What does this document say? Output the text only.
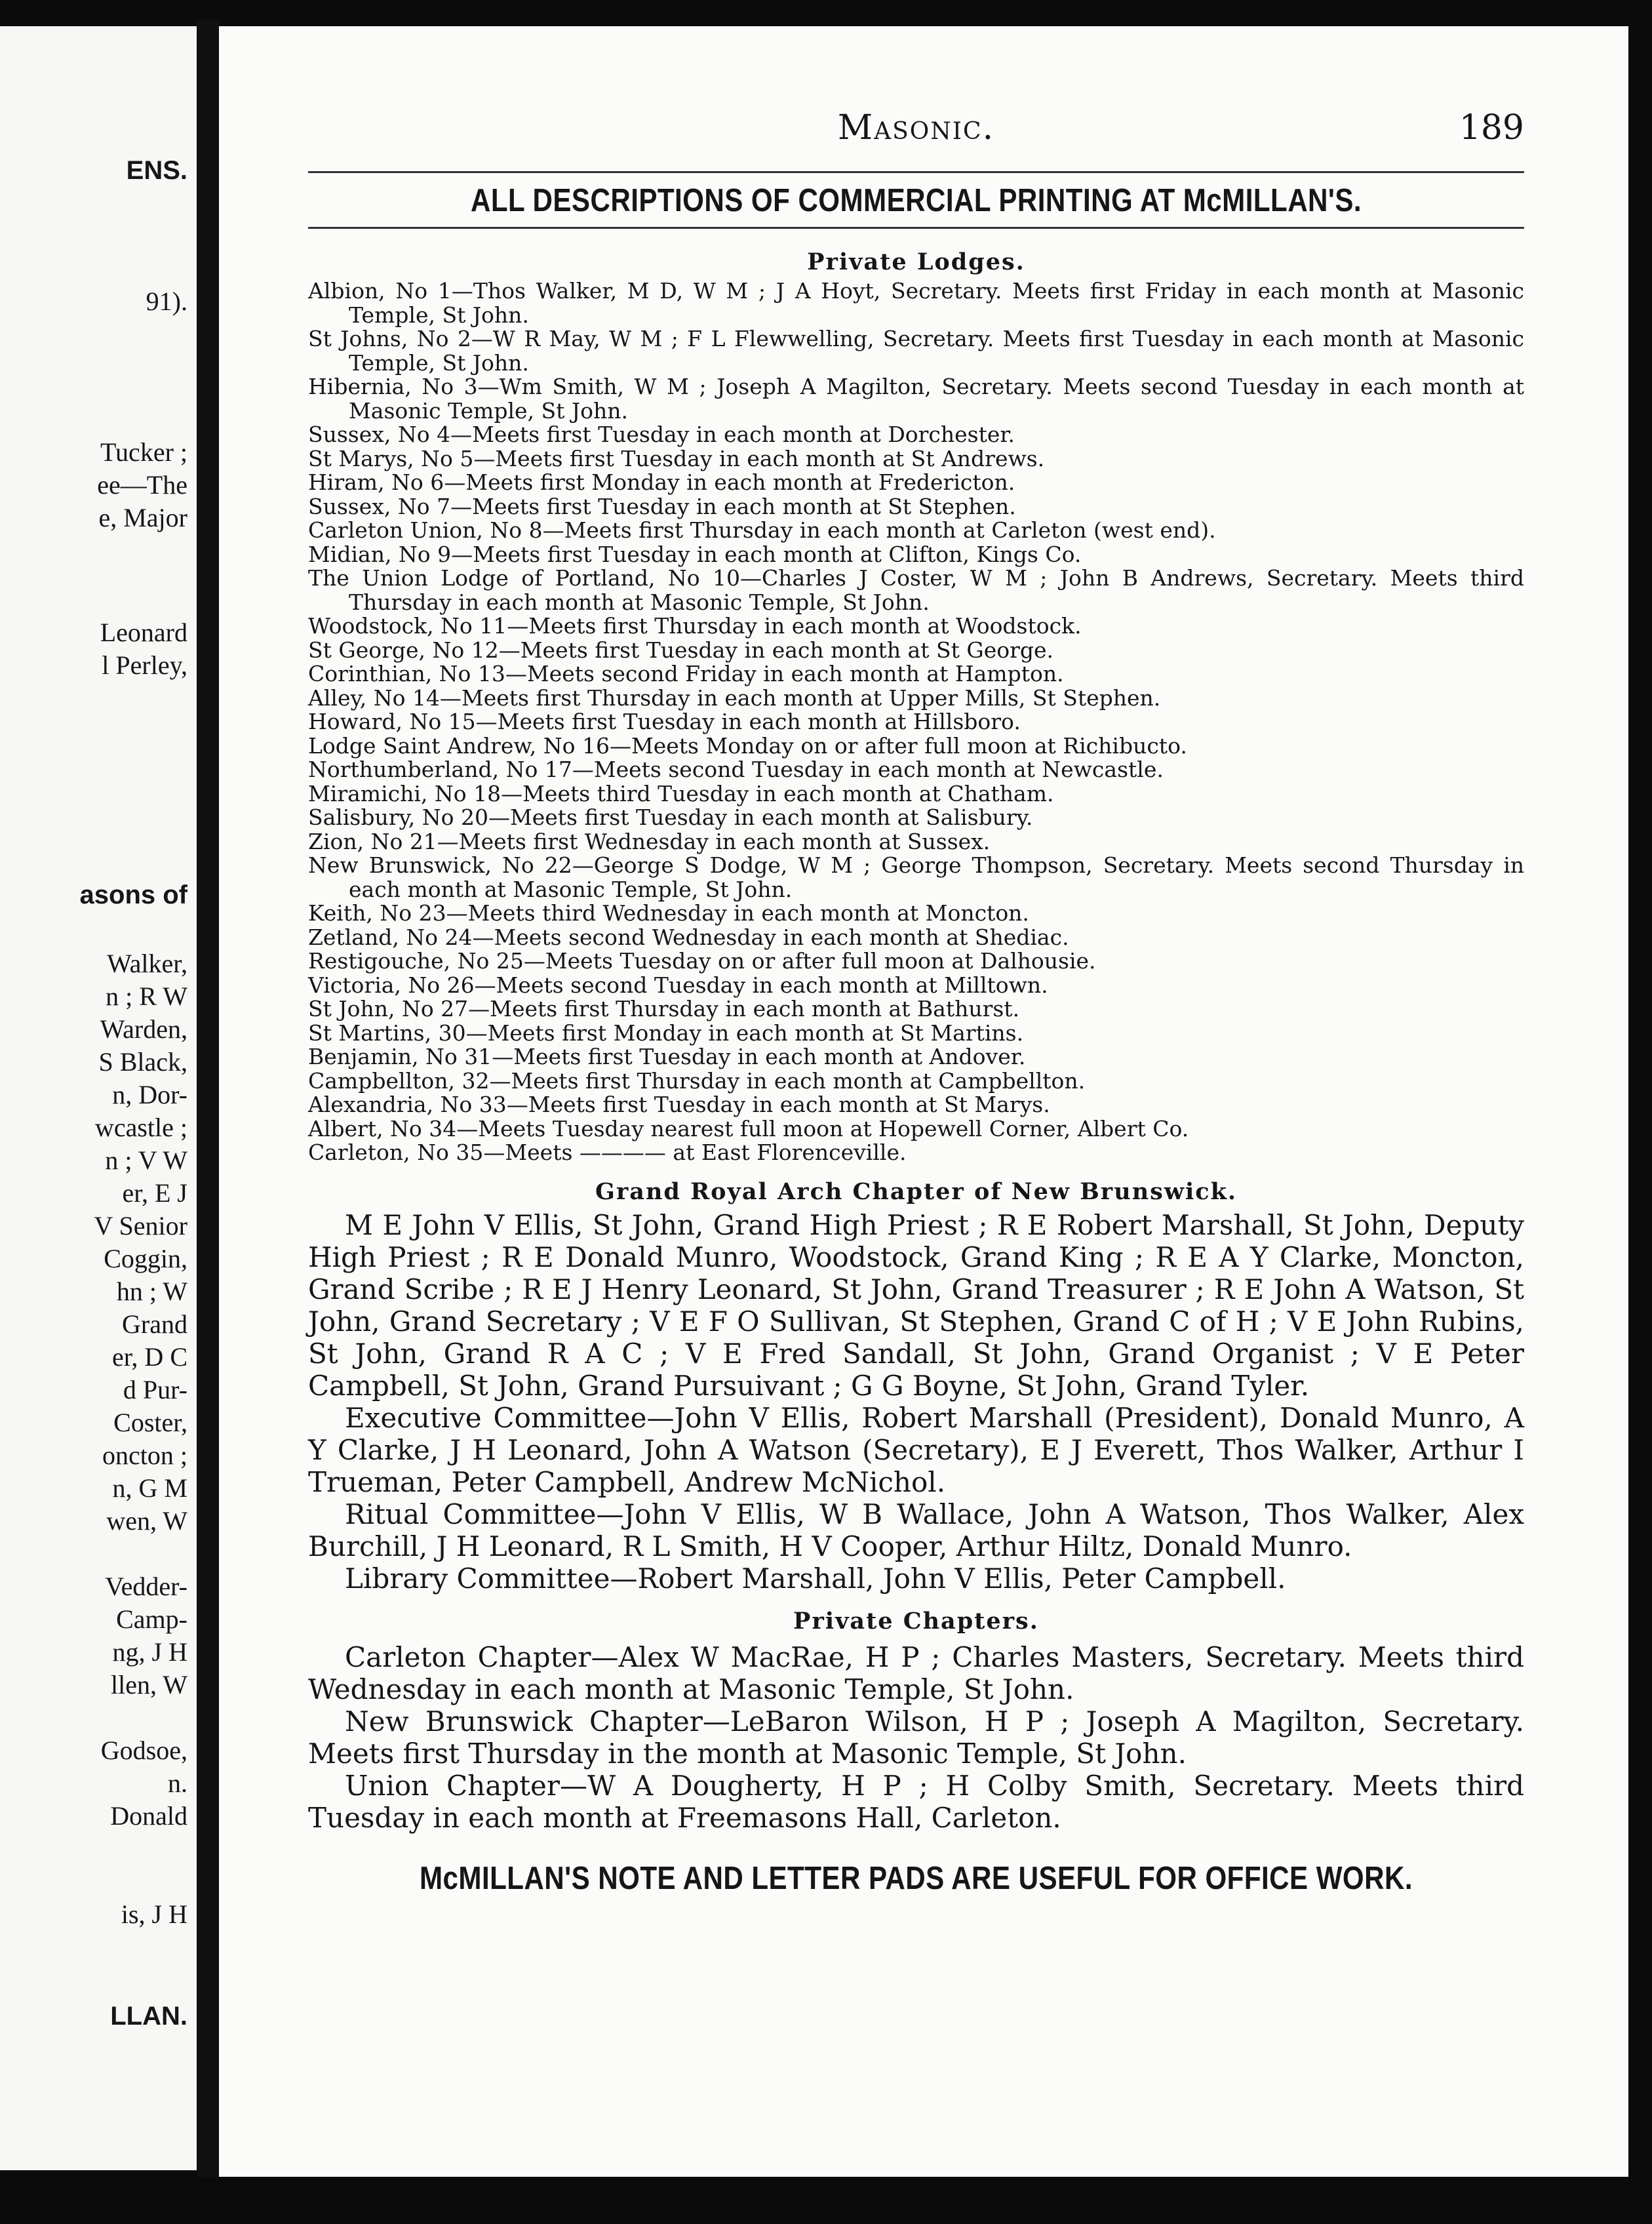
ENS.
91).
Tucker ;
ee—The
e, Major
Leonard
l Perley,
asons of
Walker,
n ; R W
Warden,
S Black,
n, Dor-
wcastle ;
n ; V W
er, E J
V Senior
Coggin,
hn ; W
Grand
er, D C
d Pur-
Coster,
oncton ;
n, G M
wen, W
Vedder-
Camp-
ng, J H
llen, W
Godsoe,
n.
Donald
is, J H
LLAN.
Masonic.	189
ALL DESCRIPTIONS OF COMMERCIAL PRINTING AT McMILLAN'S.
Private Lodges.
Albion, No 1—Thos Walker, M D, W M ; J A Hoyt, Secretary. Meets first Friday in each month at Masonic Temple, St John.
St Johns, No 2—W R May, W M ; F L Flewwelling, Secretary. Meets first Tuesday in each month at Masonic Temple, St John.
Hibernia, No 3—Wm Smith, W M ; Joseph A Magilton, Secretary. Meets second Tuesday in each month at Masonic Temple, St John.
Sussex, No 4—Meets first Tuesday in each month at Dorchester.
St Marys, No 5—Meets first Tuesday in each month at St Andrews.
Hiram, No 6—Meets first Monday in each month at Fredericton.
Sussex, No 7—Meets first Tuesday in each month at St Stephen.
Carleton Union, No 8—Meets first Thursday in each month at Carleton (west end).
Midian, No 9—Meets first Tuesday in each month at Clifton, Kings Co.
The Union Lodge of Portland, No 10—Charles J Coster, W M ; John B Andrews, Secretary. Meets third Thursday in each month at Masonic Temple, St John.
Woodstock, No 11—Meets first Thursday in each month at Woodstock.
St George, No 12—Meets first Tuesday in each month at St George.
Corinthian, No 13—Meets second Friday in each month at Hampton.
Alley, No 14—Meets first Thursday in each month at Upper Mills, St Stephen.
Howard, No 15—Meets first Tuesday in each month at Hillsboro.
Lodge Saint Andrew, No 16—Meets Monday on or after full moon at Richibucto.
Northumberland, No 17—Meets second Tuesday in each month at Newcastle.
Miramichi, No 18—Meets third Tuesday in each month at Chatham.
Salisbury, No 20—Meets first Tuesday in each month at Salisbury.
Zion, No 21—Meets first Wednesday in each month at Sussex.
New Brunswick, No 22—George S Dodge, W M ; George Thompson, Secretary. Meets second Thursday in each month at Masonic Temple, St John.
Keith, No 23—Meets third Wednesday in each month at Moncton.
Zetland, No 24—Meets second Wednesday in each month at Shediac.
Restigouche, No 25—Meets Tuesday on or after full moon at Dalhousie.
Victoria, No 26—Meets second Tuesday in each month at Milltown.
St John, No 27—Meets first Thursday in each month at Bathurst.
St Martins, 30—Meets first Monday in each month at St Martins.
Benjamin, No 31—Meets first Tuesday in each month at Andover.
Campbellton, 32—Meets first Thursday in each month at Campbellton.
Alexandria, No 33—Meets first Tuesday in each month at St Marys.
Albert, No 34—Meets Tuesday nearest full moon at Hopewell Corner, Albert Co.
Carleton, No 35—Meets ———— at East Florenceville.
Grand Royal Arch Chapter of New Brunswick.
M E John V Ellis, St John, Grand High Priest ; R E Robert Marshall, St John, Deputy High Priest ; R E Donald Munro, Woodstock, Grand King ; R E A Y Clarke, Moncton, Grand Scribe ; R E J Henry Leonard, St John, Grand Treasurer ; R E John A Watson, St John, Grand Secretary ; V E F O Sullivan, St Stephen, Grand C of H ; V E John Rubins, St John, Grand R A C ; V E Fred Sandall, St John, Grand Organist ; V E Peter Campbell, St John, Grand Pursuivant ; G G Boyne, St John, Grand Tyler.
Executive Committee—John V Ellis, Robert Marshall (President), Donald Munro, A Y Clarke, J H Leonard, John A Watson (Secretary), E J Everett, Thos Walker, Arthur I Trueman, Peter Campbell, Andrew McNichol.
Ritual Committee—John V Ellis, W B Wallace, John A Watson, Thos Walker, Alex Burchill, J H Leonard, R L Smith, H V Cooper, Arthur Hiltz, Donald Munro.
Library Committee—Robert Marshall, John V Ellis, Peter Campbell.
Private Chapters.
Carleton Chapter—Alex W MacRae, H P ; Charles Masters, Secretary. Meets third Wednesday in each month at Masonic Temple, St John.
New Brunswick Chapter—LeBaron Wilson, H P ; Joseph A Magilton, Secretary. Meets first Thursday in the month at Masonic Temple, St John.
Union Chapter—W A Dougherty, H P ; H Colby Smith, Secretary. Meets third Tuesday in each month at Freemasons Hall, Carleton.
McMILLAN'S NOTE AND LETTER PADS ARE USEFUL FOR OFFICE WORK.
